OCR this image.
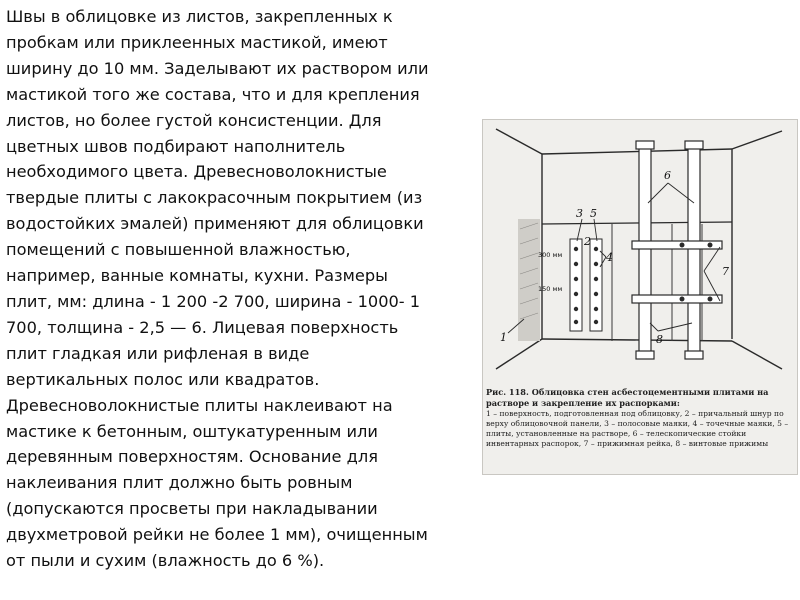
Швы в облицовке из листов, закрепленных к
пробкам или приклеенных мастикой, имеют
ширину до 10 мм. Заделывают их раствором или
мастикой того же состава, что и для крепления
листов, но более густой консистенции. Для
цветных швов подбирают наполнитель
необходимого цвета. Древесноволокнистые
твердые плиты с лакокрасочным покрытием (из
водостойких эмалей) применяют для облицовки
помещений с повышенной влажностью,
например, ванные комнаты, кухни. Размеры
плит, мм: длина - 1 200 -2 700, ширина - 1000- 1
700, толщина - 2,5 — 6. Лицевая поверхность
плит гладкая или рифленая в виде
вертикальных полос или квадратов.
Древесноволокнистые плиты наклеивают на
мастике к бетонным, оштукатуренным или
деревянным поверхностям. Основание для
наклеивания плит должно быть ровным
(допускаются просветы при накладывании
двухметровой рейки не более 1 мм), очищенным
от пыли и сухим (влажность до 6 %).
6
3 5
4
2
7
8
1
300 мм
150 мм
Рис. 118. Облицовка стен асбестоцементными плитами на растворе и закрепление их распорками:
1 – поверхность, подготовленная под облицовку, 2 – причальный шнур по верху облицовочной панели, 3 – полосовые маяки, 4 – точечные маяки, 5 – плиты, установленные на растворе, 6 – телескопические стойки инвентарных распорок, 7 – прижимная рейка, 8 – винтовые прижимы
